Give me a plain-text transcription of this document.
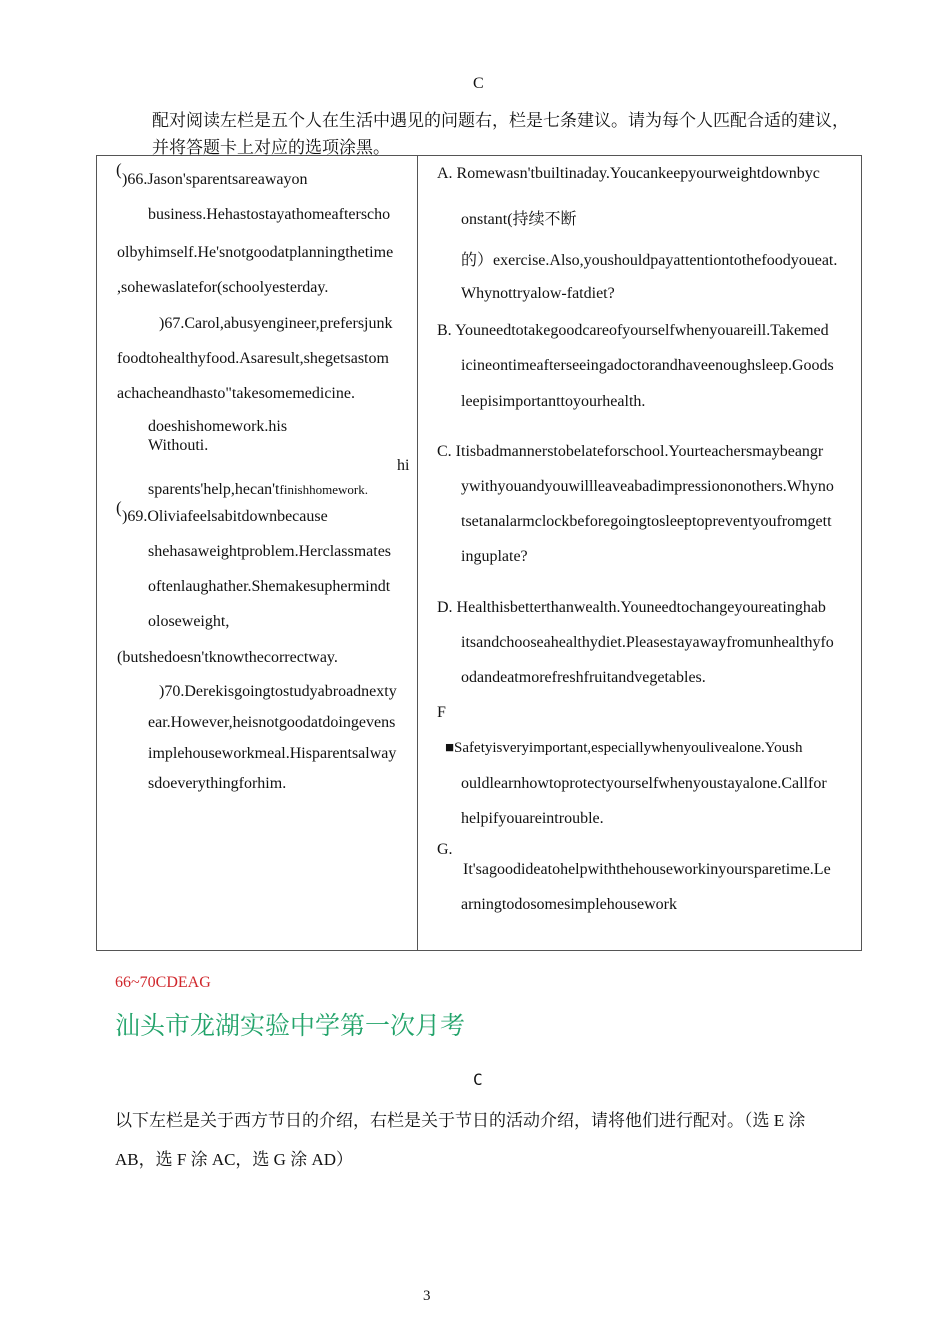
C
配对阅读左栏是五个人在生活中遇见的问题右，栏是七条建议。请为每个人匹配合适的建议，
并将答题卡上对应的选项涂黑。
(
)66.Jason'sparentsareawayon
business.Hehastostayathomeafterscho
olbyhimself.He'snotgoodatplanningthetime
,sohewaslatefor(schoolyesterday.
)67.Carol,abusyengineer,prefersjunk
foodtohealthyfood.Asaresult,shegetsastom
achacheandhasto"takesomemedicine.
doeshishomework.his
Withouti.
hi
sparents'help,hecan'tfinishhomework.
( )69.Oliviafeelsabitdownbecause
shehasaweightproblem.Herclassmates
oftenlaughather.Shemakesuphermindt
oloseweight,
(butshedoesn'tknowthecorrectway.
)70.Derekisgoingtostudyabroadnexty
ear.However,heisnotgoodatdoingevens
implehouseworkmeal.Hisparentsalway
sdoeverythingforhim.
A. Romewasn'tbuiltinaday.Youcankeepyourweightdownbyc
onstant(持续不断
的）exercise.Also,youshouldpayattentiontothefoodyoueat.
Whynottryalow-fatdiet?
B. Youneedtotakegoodcareofyourselfwhenyouareill.Takemed
icineontimeafterseeingadoctorandhaveenoughsleep.Goods
leepisimportanttoyourhealth.
C. Itisbadmannerstobelateforschool.Yourteachersmaybeangr
ywithyouandyouwillleaveabadimpressiononothers.Whyno
tsetanalarmclockbeforegoingtosleeptopreventyoufromgett
inguplate?
D. Healthisbetterthanwealth.Youneedtochangeyoureatinghab
itsandchooseahealthydiet.Pleasestayawayfromunhealthyfo
odandeatmorefreshfruitandvegetables.
F
■Safetyisveryimportant,especiallywhenyoulivealone.Yoush
ouldlearnhowtoprotectyourselfwhenyoustayalone.Callfor
helpifyouareintrouble.
G.
It'sagoodideatohelpwiththehouseworkinyoursparetime.Le
arningtodosomesimplehousework
66~70CDEAG
汕头市龙湖实验中学第一次月考
C
以下左栏是关于西方节日的介绍，右栏是关于节日的活动介绍，请将他们进行配对。（选 E 涂
AB，选 F 涂 AC，选 G 涂 AD）
3
